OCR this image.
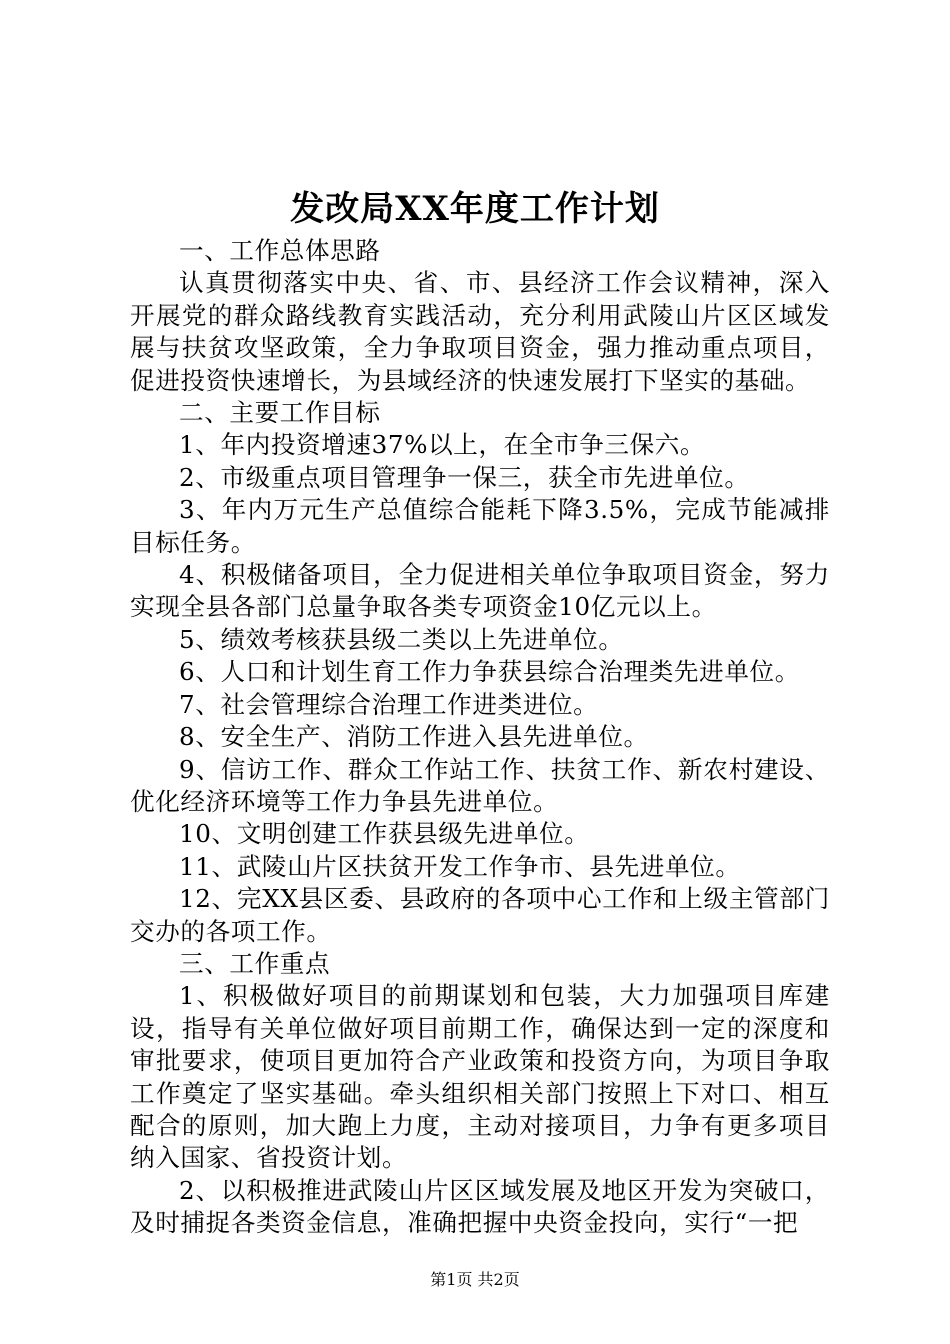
发改局XX年度工作计划

一、工作总体思路

认真贯彻落实中央、省、市、县经济工作会议精神，深入开展党的群众路线教育实践活动，充分利用武陵山片区区域发展与扶贫攻坚政策，全力争取项目资金，强力推动重点项目，促进投资快速增长，为县域经济的快速发展打下坚实的基础。

二、主要工作目标

1、年内投资增速37%以上，在全市争三保六。

2、市级重点项目管理争一保三，获全市先进单位。

3、年内万元生产总值综合能耗下降3.5%，完成节能减排目标任务。

4、积极储备项目，全力促进相关单位争取项目资金，努力实现全县各部门总量争取各类专项资金10亿元以上。

5、绩效考核获县级二类以上先进单位。

6、人口和计划生育工作力争获县综合治理类先进单位。

7、社会管理综合治理工作进类进位。

8、安全生产、消防工作进入县先进单位。

9、信访工作、群众工作站工作、扶贫工作、新农村建设、优化经济环境等工作力争县先进单位。

10、文明创建工作获县级先进单位。

11、武陵山片区扶贫开发工作争市、县先进单位。

12、完XX县区委、县政府的各项中心工作和上级主管部门交办的各项工作。

三、工作重点

1、积极做好项目的前期谋划和包装，大力加强项目库建设，指导有关单位做好项目前期工作，确保达到一定的深度和审批要求，使项目更加符合产业政策和投资方向，为项目争取工作奠定了坚实基础。牵头组织相关部门按照上下对口、相互配合的原则，加大跑上力度，主动对接项目，力争有更多项目纳入国家、省投资计划。

2、以积极推进武陵山片区区域发展及地区开发为突破口，及时捕捉各类资金信息，准确把握中央资金投向，实行“一把

第1页 共2页
